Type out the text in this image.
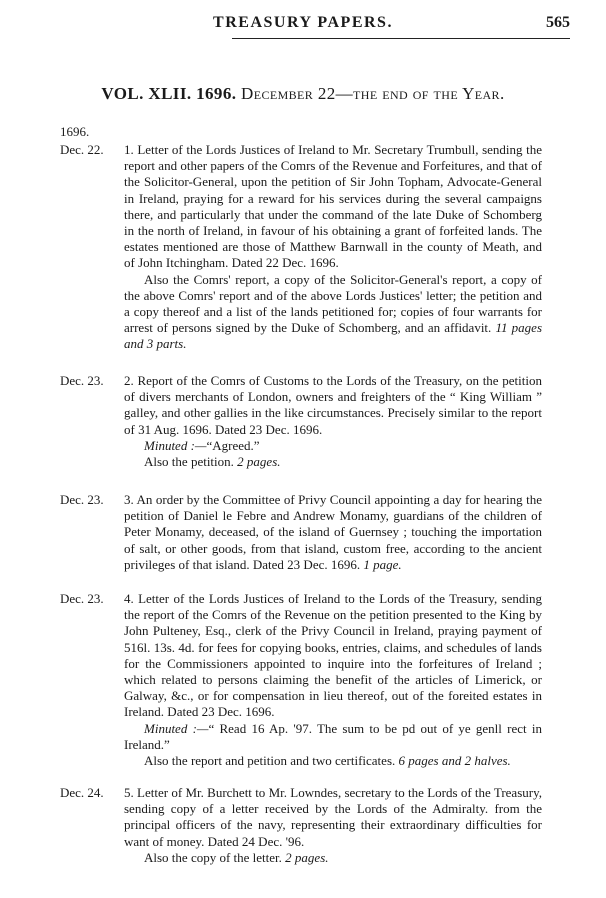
TREASURY PAPERS.	565
VOL. XLII. 1696. December 22—the end of the Year.
1696.
Dec. 22. 1. Letter of the Lords Justices of Ireland to Mr. Secretary Trumbull, sending the report and other papers of the Comrs of the Revenue and Forfeitures, and that of the Solicitor-General, upon the petition of Sir John Topham, Advocate-General in Ireland, praying for a reward for his services during the several campaigns there, and particularly that under the command of the late Duke of Schomberg in the north of Ireland, in favour of his obtaining a grant of forfeited lands. The estates mentioned are those of Matthew Barnwall in the county of Meath, and of John Itchingham. Dated 22 Dec. 1696.

Also the Comrs' report, a copy of the Solicitor-General's report, a copy of the above Comrs' report and of the above Lords Justices' letter; the petition and a copy thereof and a list of the lands petitioned for; copies of four warrants for arrest of persons signed by the Duke of Schomberg, and an affidavit. 11 pages and 3 parts.

Dec. 23. 2. Report of the Comrs of Customs to the Lords of the Treasury, on the petition of divers merchants of London, owners and freighters of the “ King William ” galley, and other gallies in the like circumstances. Precisely similar to the report of 31 Aug. 1696. Dated 23 Dec. 1696.

Minuted :—“Agreed.”

Also the petition. 2 pages.

Dec. 23. 3. An order by the Committee of Privy Council appointing a day for hearing the petition of Daniel le Febre and Andrew Monamy, guardians of the children of Peter Monamy, deceased, of the island of Guernsey ; touching the importation of salt, or other goods, from that island, custom free, according to the ancient privileges of that island. Dated 23 Dec. 1696. 1 page.

Dec. 23. 4. Letter of the Lords Justices of Ireland to the Lords of the Treasury, sending the report of the Comrs of the Revenue on the petition presented to the King by John Pulteney, Esq., clerk of the Privy Council in Ireland, praying payment of 516l. 13s. 4d. for fees for copying books, entries, claims, and schedules of lands for the Commissioners appointed to inquire into the forfeitures of Ireland ; which related to persons claiming the benefit of the articles of Limerick, or Galway, &c., or for compensation in lieu thereof, out of the foreited estates in Ireland. Dated 23 Dec. 1696.

Minuted :—“ Read 16 Ap. '97. The sum to be pd out of ye genll rect in Ireland.”

Also the report and petition and two certificates. 6 pages and 2 halves.

Dec. 24. 5. Letter of Mr. Burchett to Mr. Lowndes, secretary to the Lords of the Treasury, sending copy of a letter received by the Lords of the Admiralty. from the principal officers of the navy, representing their extraordinary difficulties for want of money. Dated 24 Dec. '96.

Also the copy of the letter. 2 pages.
